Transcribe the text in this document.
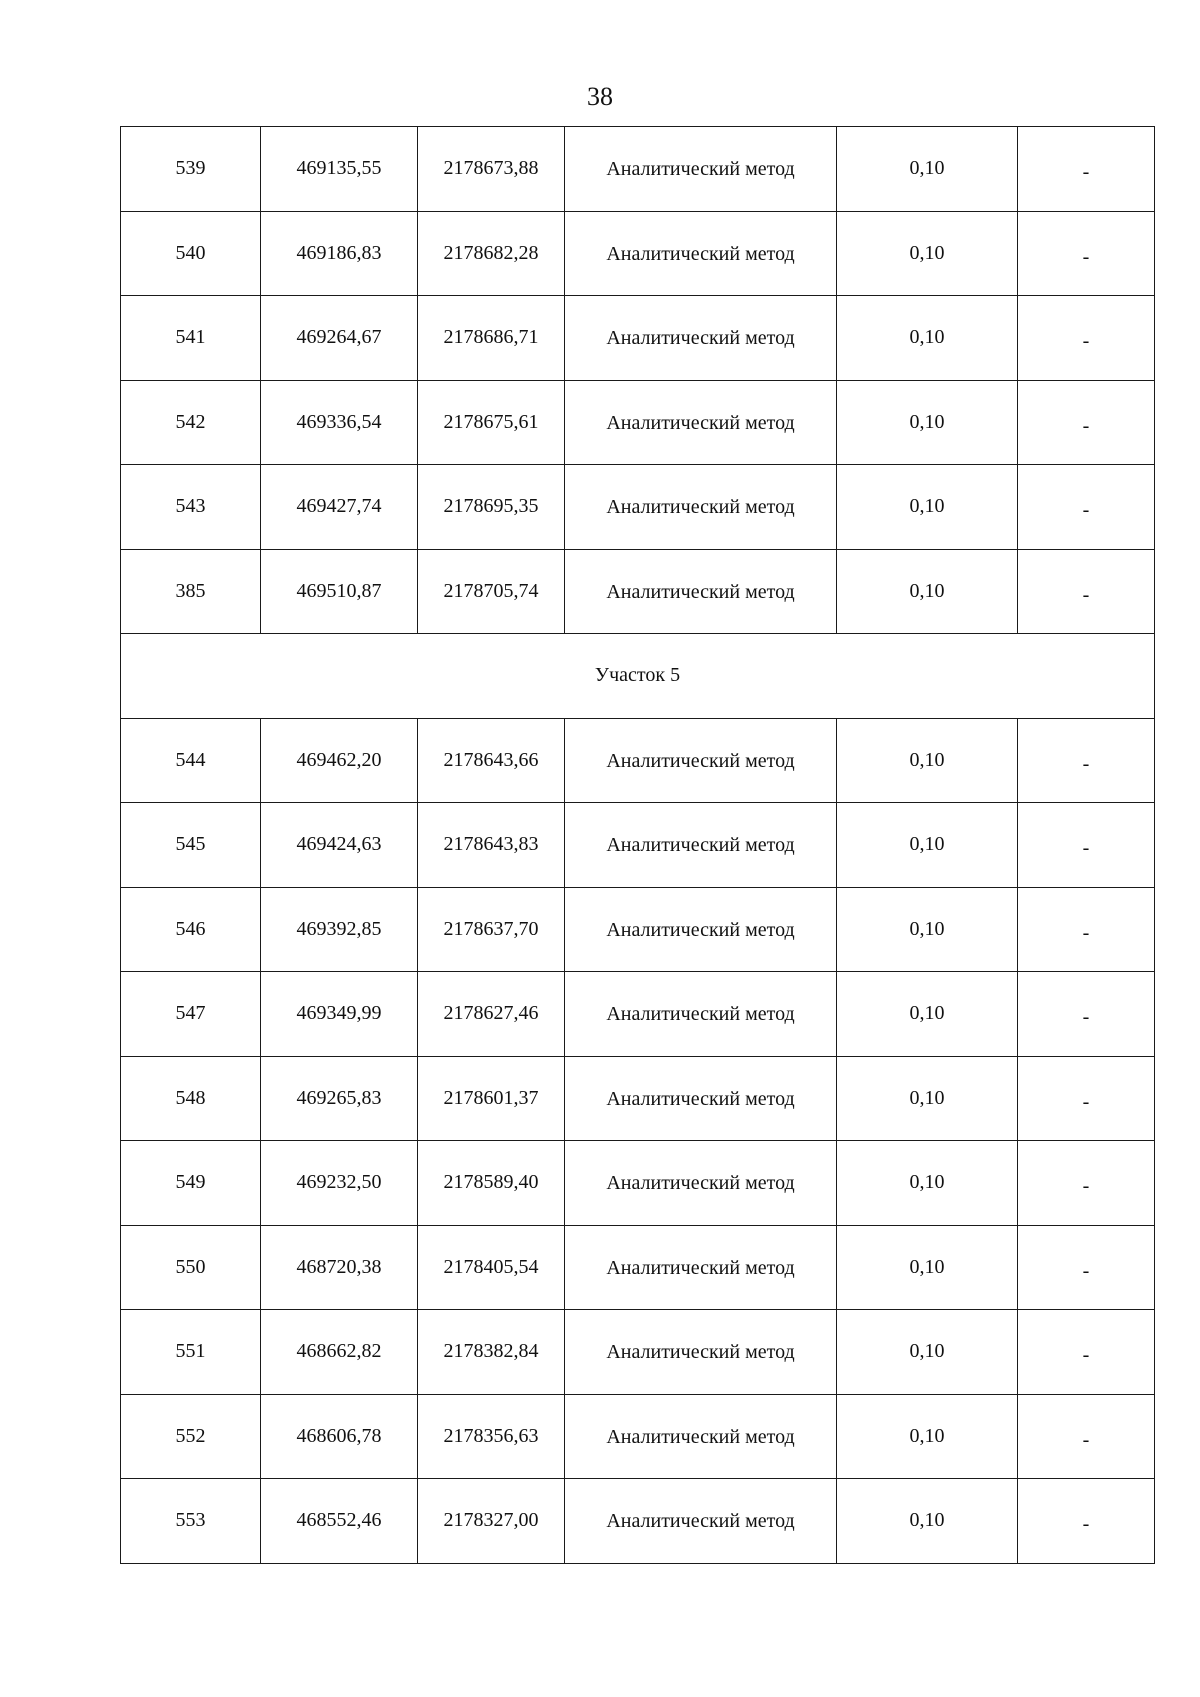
38
539	469135,55	2178673,88	Аналитический метод	0,10	-
540	469186,83	2178682,28	Аналитический метод	0,10	-
541	469264,67	2178686,71	Аналитический метод	0,10	-
542	469336,54	2178675,61	Аналитический метод	0,10	-
543	469427,74	2178695,35	Аналитический метод	0,10	-
385	469510,87	2178705,74	Аналитический метод	0,10	-
Участок 5					
544	469462,20	2178643,66	Аналитический метод	0,10	-
545	469424,63	2178643,83	Аналитический метод	0,10	-
546	469392,85	2178637,70	Аналитический метод	0,10	-
547	469349,99	2178627,46	Аналитический метод	0,10	-
548	469265,83	2178601,37	Аналитический метод	0,10	-
549	469232,50	2178589,40	Аналитический метод	0,10	-
550	468720,38	2178405,54	Аналитический метод	0,10	-
551	468662,82	2178382,84	Аналитический метод	0,10	-
552	468606,78	2178356,63	Аналитический метод	0,10	-
553	468552,46	2178327,00	Аналитический метод	0,10	-
